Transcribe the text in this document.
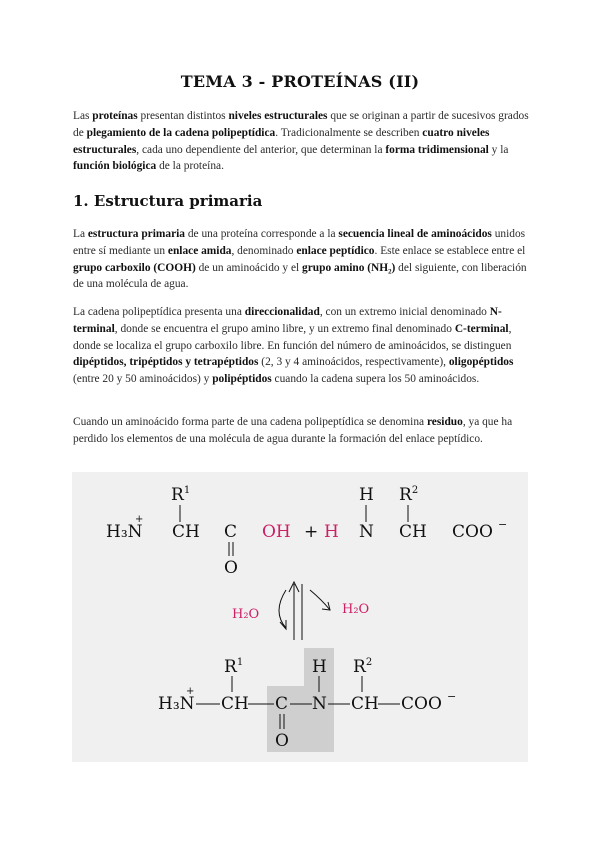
TEMA 3 - PROTEÍNAS (II)
Las proteínas presentan distintos niveles estructurales que se originan a partir de sucesivos grados de plegamiento de la cadena polipeptídica. Tradicionalmente se describen cuatro niveles estructurales, cada uno dependiente del anterior, que determinan la forma tridimensional y la función biológica de la proteína.
1. Estructura primaria
La estructura primaria de una proteína corresponde a la secuencia lineal de aminoácidos unidos entre sí mediante un enlace amida, denominado enlace peptídico. Este enlace se establece entre el grupo carboxilo (COOH) de un aminoácido y el grupo amino (NH₂) del siguiente, con liberación de una molécula de agua.
La cadena polipeptídica presenta una direccionalidad, con un extremo inicial denominado N-terminal, donde se encuentra el grupo amino libre, y un extremo final denominado C-terminal, donde se localiza el grupo carboxilo libre. En función del número de aminoácidos, se distinguen dipéptidos, tripéptidos y tetrapéptidos (2, 3 y 4 aminoácidos, respectivamente), oligopéptidos (entre 20 y 50 aminoácidos) y polipéptidos cuando la cadena supera los 50 aminoácidos.
Cuando un aminoácido forma parte de una cadena polipeptídica se denomina residuo, ya que ha perdido los elementos de una molécula de agua durante la formación del enlace peptídico.
H₃N
+
CH
$R^1$
C
O
OH + H N
H
CH
$R^2$
COO −
H₂O	H₂O
H₃N
+
CH
$R^1$
C
O
N
H
CH
$R^2$
COO −
